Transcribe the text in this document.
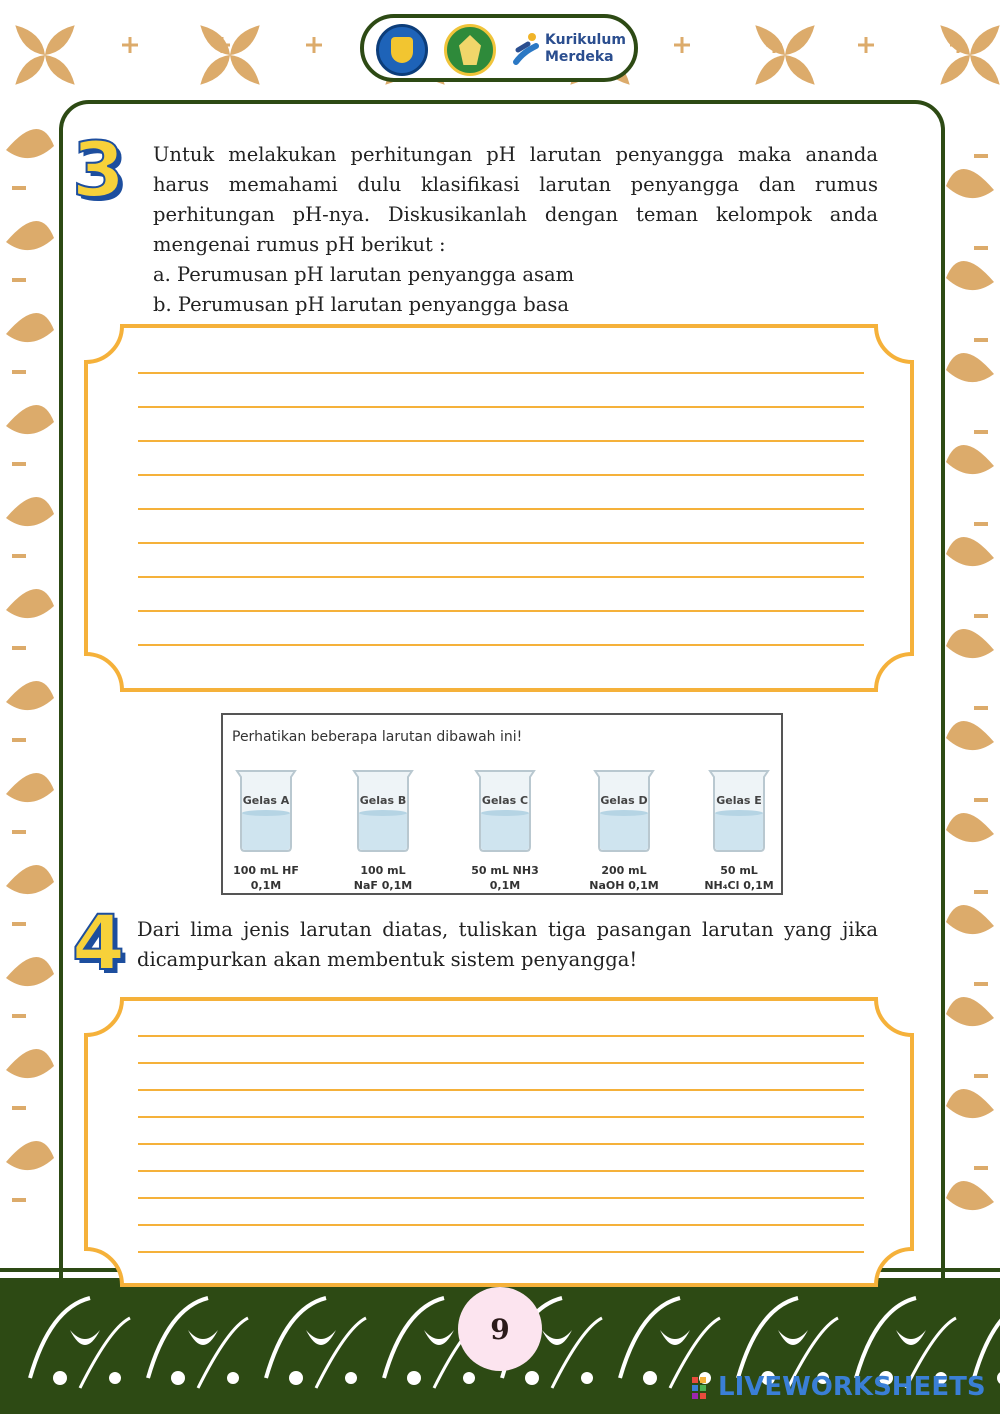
Kurikulum
Merdeka
3 Untuk melakukan perhitungan pH larutan penyangga maka ananda harus memahami dulu klasifikasi larutan penyangga dan rumus perhitungan pH-nya. Diskusikanlah dengan teman kelompok anda mengenai rumus pH berikut :

a. Perumusan pH larutan penyangga asam

b. Perumusan pH larutan penyangga basa

Perhatikan beberapa larutan dibawah ini!
Gelas A
100 mL HF
0,1M
Gelas B
100 mL
NaF 0,1M
Gelas C
50 mL NH3
0,1M
Gelas D
200 mL
NaOH 0,1M
Gelas E
50 mL
NH₄Cl 0,1M
4 Dari lima jenis larutan diatas, tuliskan tiga pasangan larutan yang jika dicampurkan akan membentuk sistem penyangga!

9
LIVEWORKSHEETS
